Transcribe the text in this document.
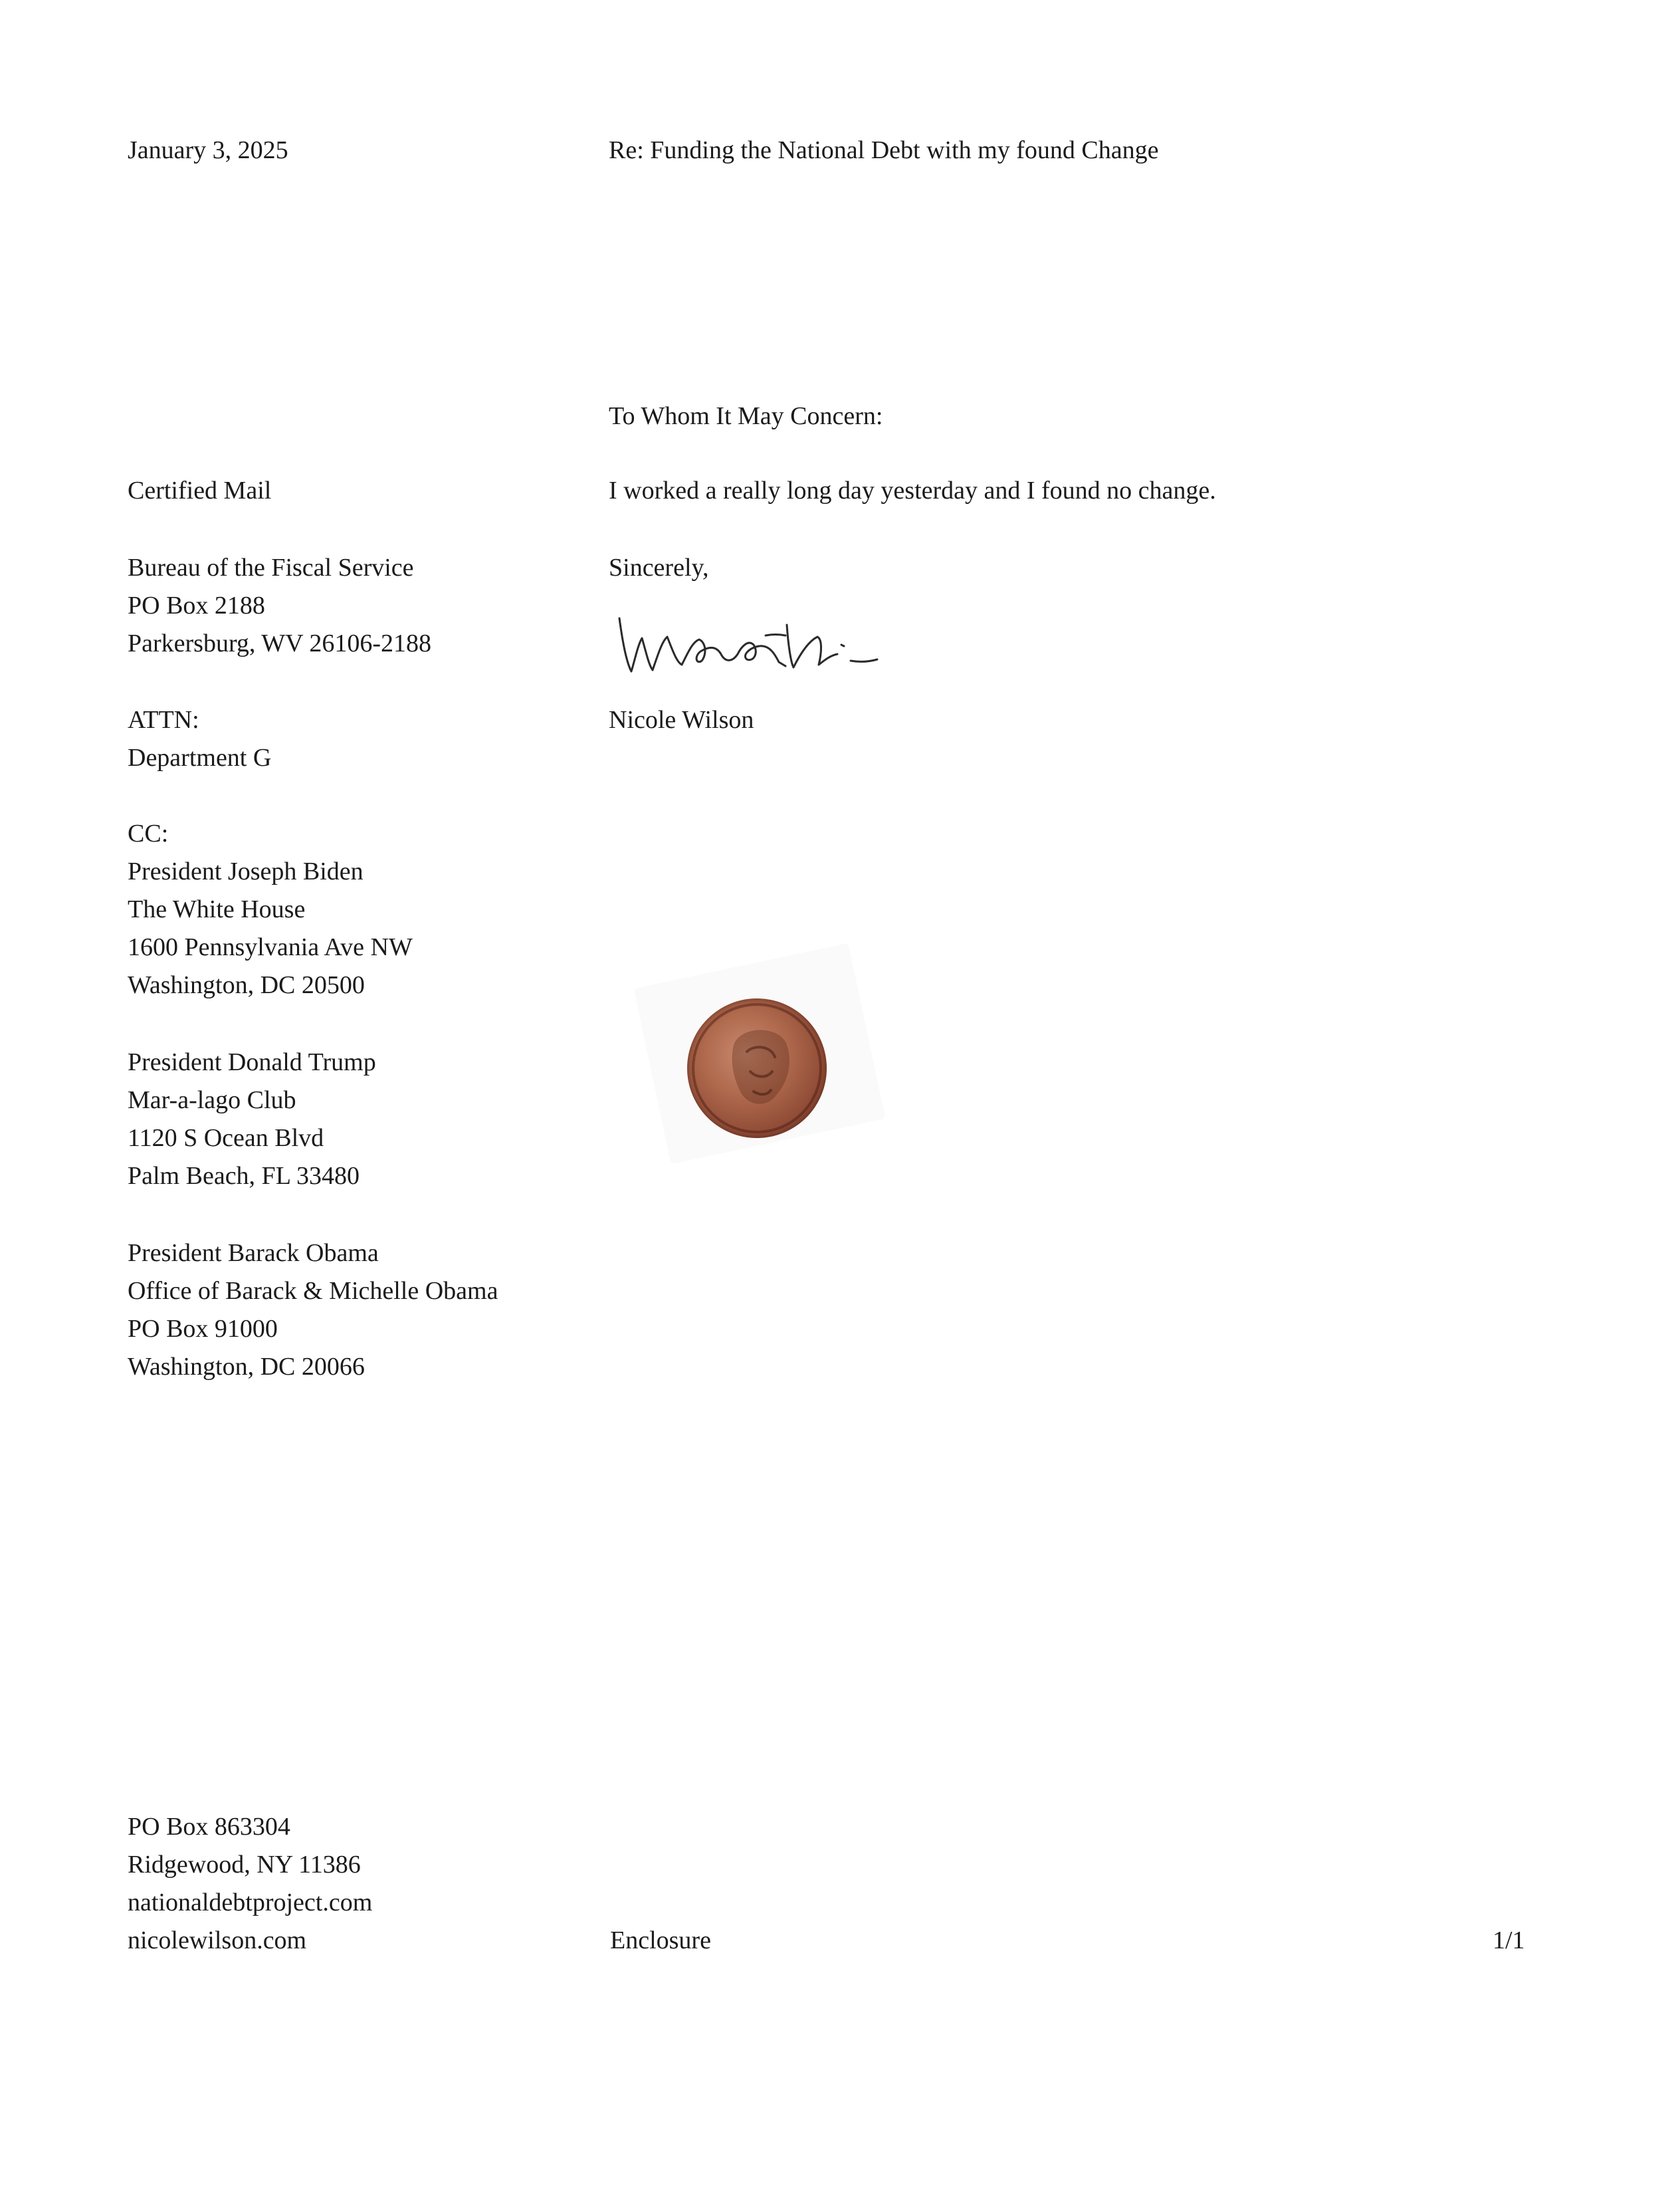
January 3, 2025	Re: Funding the National Debt with my found Change

To Whom It May Concern:

Certified Mail	I worked a really long day yesterday and I found no change.

Bureau of the Fiscal Service
PO Box 2188
Parkersburg, WV 26106-2188

Sincerely,

Nicole Wilson

ATTN:
Department G

CC:

President Joseph Biden
The White House
1600 Pennsylvania Ave NW
Washington, DC 20500
President Donald Trump
Mar-a-lago Club
1120 S Ocean Blvd
Palm Beach, FL 33480
President Barack Obama
Office of Barack & Michelle Obama
PO Box 91000
Washington, DC 20066
PO Box 863304
Ridgewood, NY 11386
nationaldebtproject.com
nicolewilson.com	Enclosure	1/1
